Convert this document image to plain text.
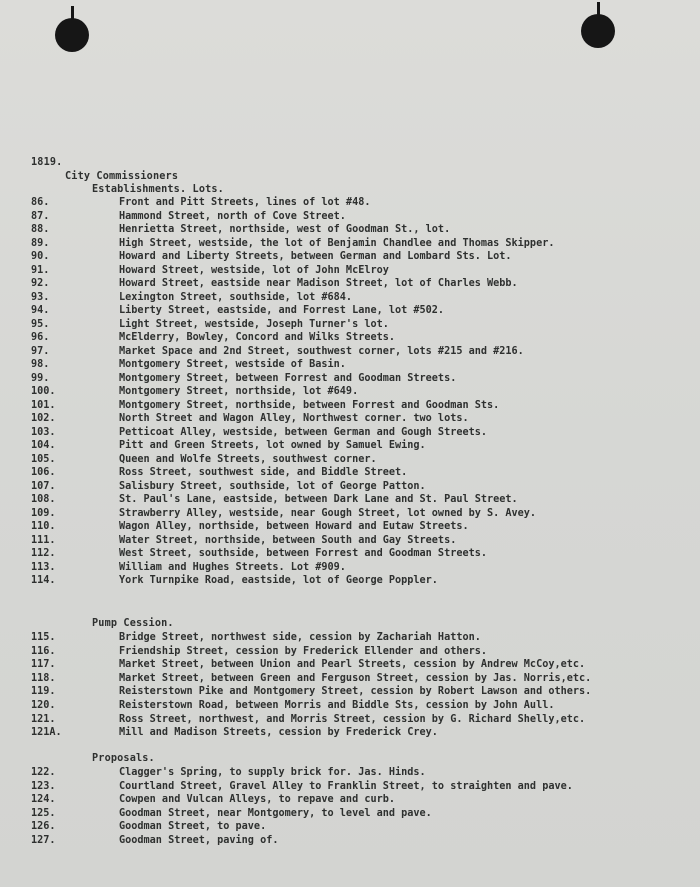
1819.
City Commissioners
Establishments. Lots.
86.	Front and Pitt Streets, lines of lot #48.
87.	Hammond Street, north of Cove Street.
88.	Henrietta Street, northside, west of Goodman St., lot.
89.	High Street, westside, the lot of Benjamin Chandlee and Thomas Skipper.
90.	Howard and Liberty Streets, between German and Lombard Sts. Lot.
91.	Howard Street, westside, lot of John McElroy
92.	Howard Street, eastside near Madison Street, lot of Charles Webb.
93.	Lexington Street, southside, lot #684.
94.	Liberty Street, eastside, and Forrest Lane, lot #502.
95.	Light Street, westside, Joseph Turner's lot.
96.	McElderry, Bowley, Concord and Wilks Streets.
97.	Market Space and 2nd Street, southwest corner, lots #215 and #216.
98.	Montgomery Street, westside of Basin.
99.	Montgomery Street, between Forrest and Goodman Streets.
100.	Montgomery Street, northside, lot #649.
101.	Montgomery Street, northside, between Forrest and Goodman Sts.
102.	North Street and Wagon Alley, Northwest corner. two lots.
103.	Petticoat Alley, westside, between German and Gough Streets.
104.	Pitt and Green Streets, lot owned by Samuel Ewing.
105.	Queen and Wolfe Streets, southwest corner.
106.	Ross Street, southwest side, and Biddle Street.
107.	Salisbury Street, southside, lot of George Patton.
108.	St. Paul's Lane, eastside, between Dark Lane and St. Paul Street.
109.	Strawberry Alley, westside, near Gough Street, lot owned by S. Avey.
110.	Wagon Alley, northside, between Howard and Eutaw Streets.
111.	Water Street, northside, between South and Gay Streets.
112.	West Street, southside, between Forrest and Goodman Streets.
113.	William and Hughes Streets. Lot #909.
114.	York Turnpike Road, eastside, lot of George Poppler.
Pump Cession.
115.	Bridge Street, northwest side, cession by Zachariah Hatton.
116.	Friendship Street, cession by Frederick Ellender and others.
117.	Market Street, between Union and Pearl Streets, cession by Andrew McCoy,etc.
118.	Market Street, between Green and Ferguson Street, cession by Jas. Norris,etc.
119.	Reisterstown Pike and Montgomery Street, cession by Robert Lawson and others.
120.	Reisterstown Road, between Morris and Biddle Sts, cession by John Aull.
121.	Ross Street, northwest, and Morris Street, cession by G. Richard Shelly,etc.
121A.	Mill and Madison Streets, cession by Frederick Crey.
Proposals.
122.	Clagger's Spring, to supply brick for. Jas. Hinds.
123.	Courtland Street, Gravel Alley to Franklin Street, to straighten and pave.
124.	Cowpen and Vulcan Alleys, to repave and curb.
125.	Goodman Street, near Montgomery, to level and pave.
126.	Goodman Street, to pave.
127.	Goodman Street, paving of.
